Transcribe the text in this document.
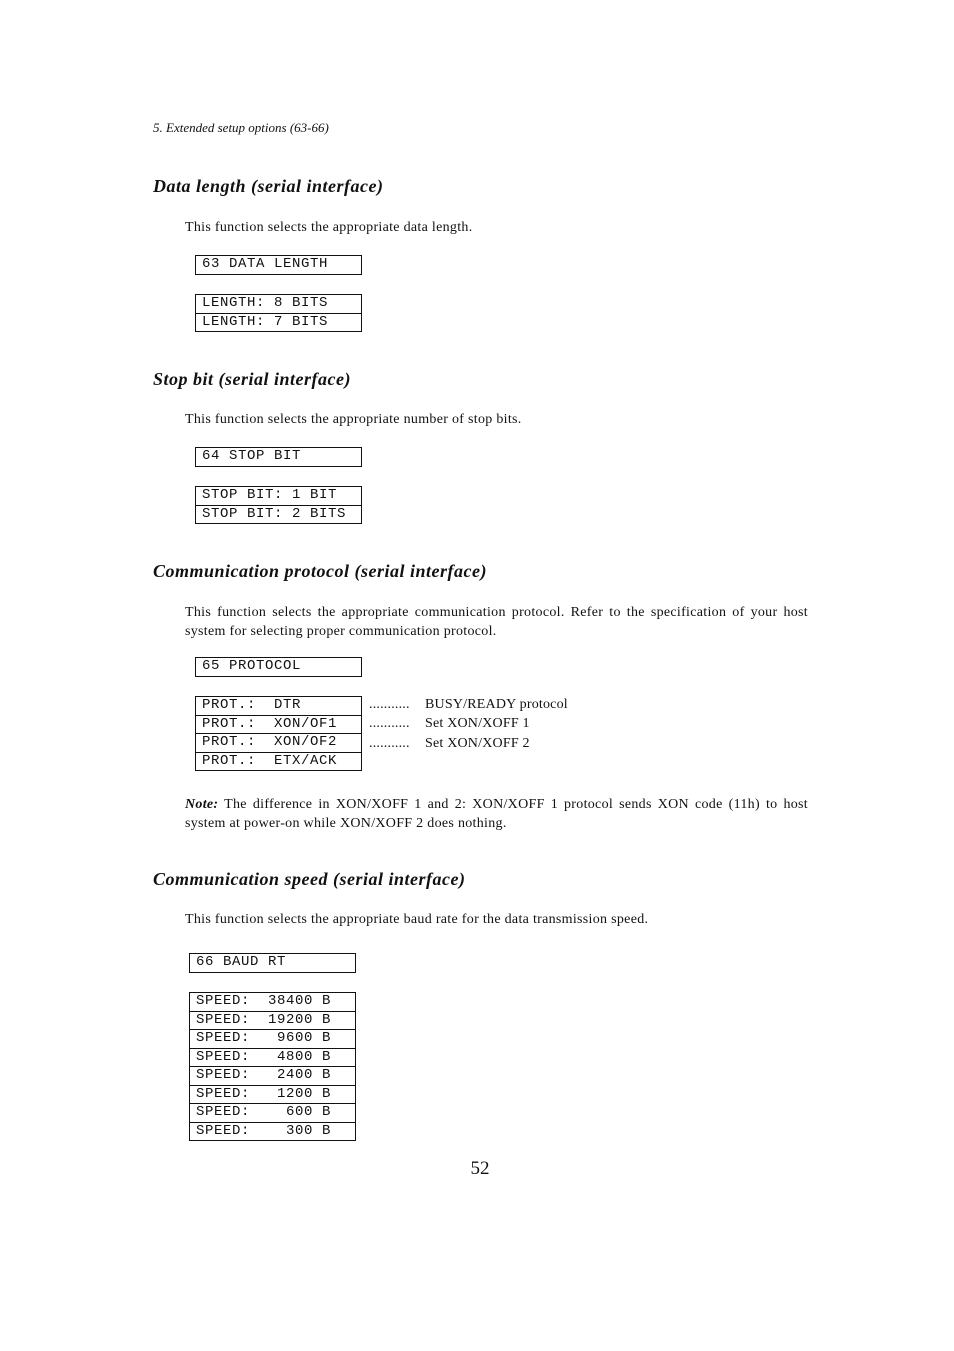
5. Extended setup options (63-66)
Data length (serial interface)
This function selects the appropriate data length.
63 DATA LENGTH
LENGTH: 8 BITS
LENGTH: 7 BITS
Stop bit (serial interface)
This function selects the appropriate number of stop bits.
64 STOP BIT
STOP BIT: 1 BIT
STOP BIT: 2 BITS
Communication protocol (serial interface)
This function selects the appropriate communication protocol. Refer to the specification of your host system for selecting proper communication protocol.
65 PROTOCOL
PROT.:  DTR
PROT.:  XON/OF1
PROT.:  XON/OF2
PROT.:  ETX/ACK
........... BUSY/READY protocol
........... Set XON/XOFF 1
........... Set XON/XOFF 2
Note: The difference in XON/XOFF 1 and 2: XON/XOFF 1 protocol sends XON code (11h) to host system at power-on while XON/XOFF 2 does nothing.
Communication speed (serial interface)
This function selects the appropriate baud rate for the data transmission speed.
66 BAUD RT
SPEED:  38400 B
SPEED:  19200 B
SPEED:   9600 B
SPEED:   4800 B
SPEED:   2400 B
SPEED:   1200 B
SPEED:    600 B
SPEED:    300 B
52
